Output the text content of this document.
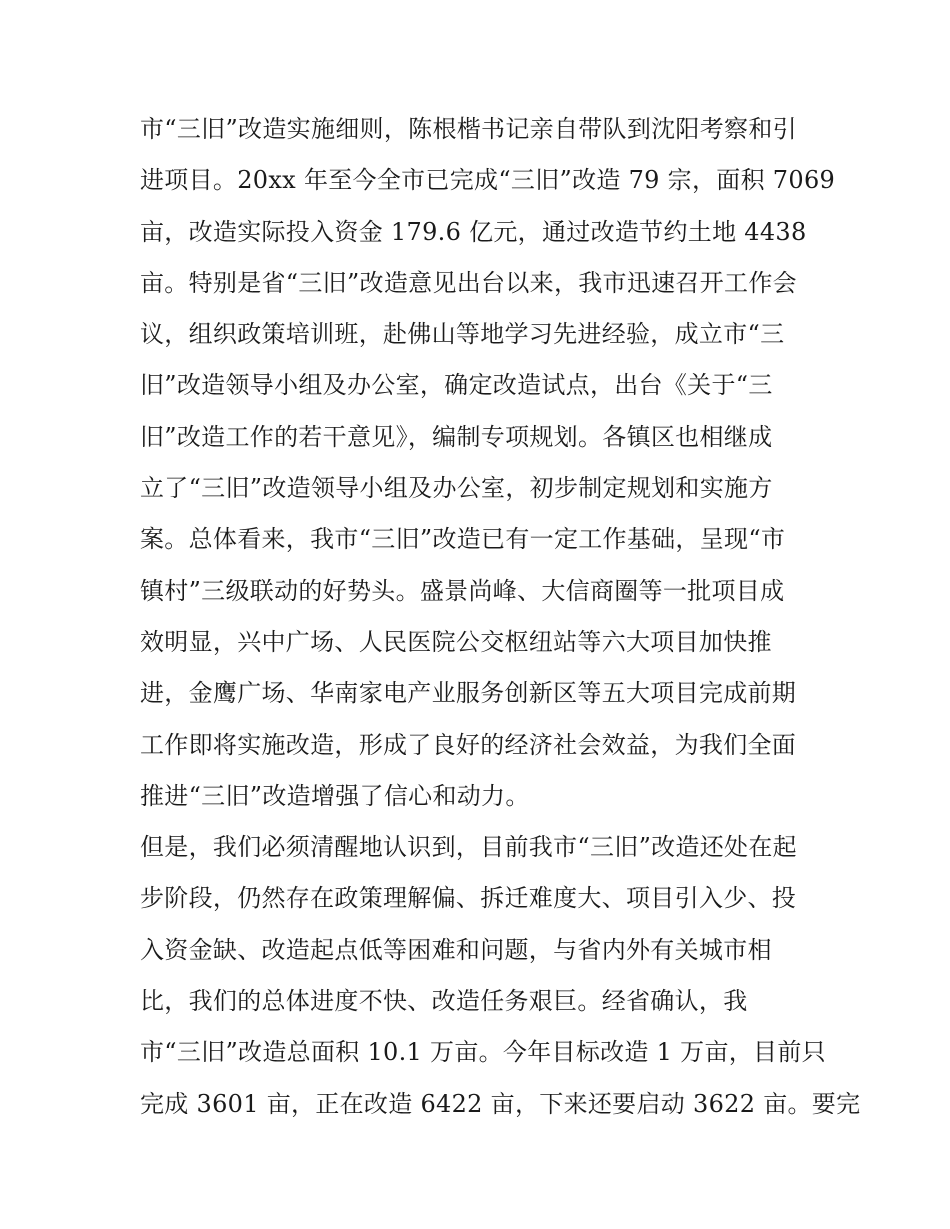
市“三旧”改造实施细则，陈根楷书记亲自带队到沈阳考察和引
进项目。20xx 年至今全市已完成“三旧”改造 79 宗，面积 7069
亩，改造实际投入资金 179.6 亿元，通过改造节约土地 4438
亩。特别是省“三旧”改造意见出台以来，我市迅速召开工作会
议，组织政策培训班，赴佛山等地学习先进经验，成立市“三
旧”改造领导小组及办公室，确定改造试点，出台《关于“三
旧”改造工作的若干意见》，编制专项规划。各镇区也相继成
立了“三旧”改造领导小组及办公室，初步制定规划和实施方
案。总体看来，我市“三旧”改造已有一定工作基础，呈现“市
镇村”三级联动的好势头。盛景尚峰、大信商圈等一批项目成
效明显，兴中广场、人民医院公交枢纽站等六大项目加快推
进，金鹰广场、华南家电产业服务创新区等五大项目完成前期
工作即将实施改造，形成了良好的经济社会效益，为我们全面
推进“三旧”改造增强了信心和动力。
但是，我们必须清醒地认识到，目前我市“三旧”改造还处在起
步阶段，仍然存在政策理解偏、拆迁难度大、项目引入少、投
入资金缺、改造起点低等困难和问题，与省内外有关城市相
比，我们的总体进度不快、改造任务艰巨。经省确认，我
市“三旧”改造总面积 10.1 万亩。今年目标改造 1 万亩，目前只
完成 3601 亩，正在改造 6422 亩，下来还要启动 3622 亩。要完
